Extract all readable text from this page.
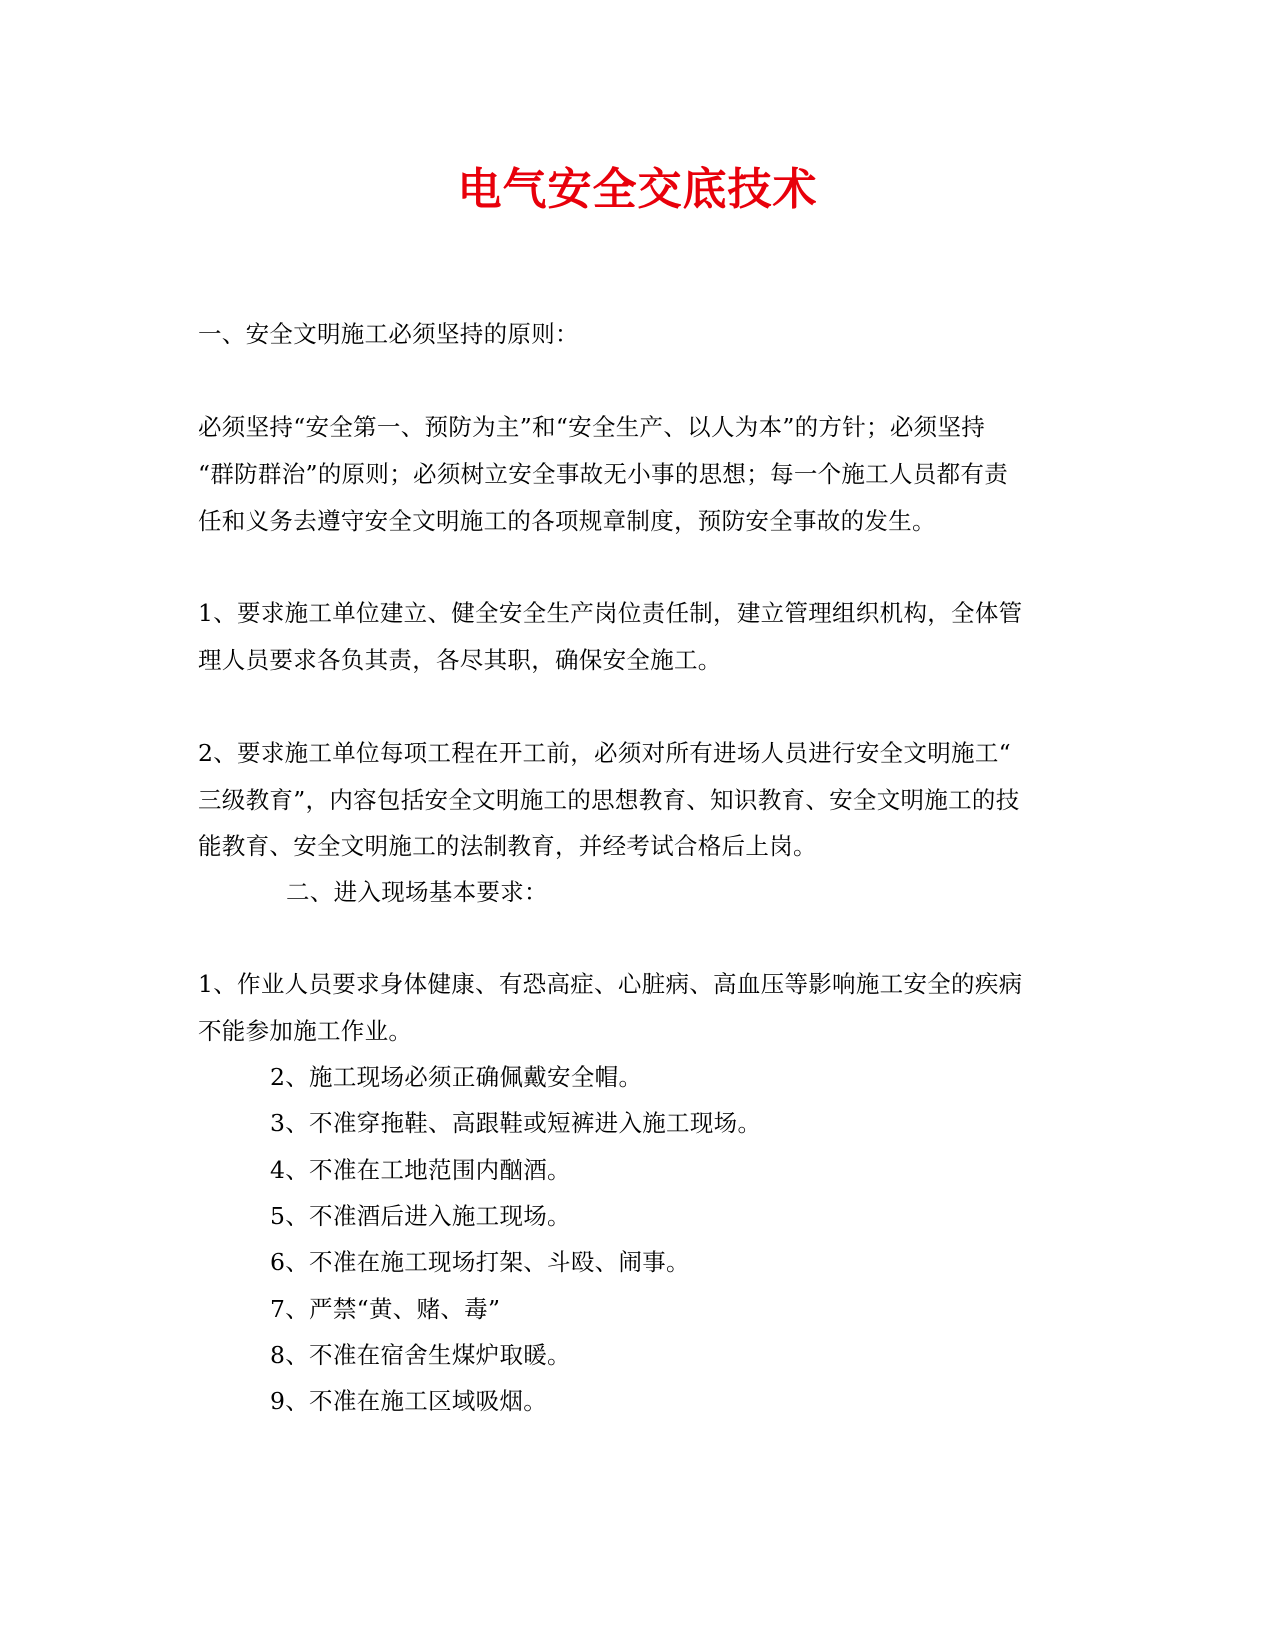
电气安全交底技术
一、安全文明施工必须坚持的原则：
必须坚持“安全第一、预防为主”和“安全生产、以人为本”的方针；必须坚持
“群防群治”的原则；必须树立安全事故无小事的思想；每一个施工人员都有责
任和义务去遵守安全文明施工的各项规章制度，预防安全事故的发生。
1、要求施工单位建立、健全安全生产岗位责任制，建立管理组织机构，全体管
理人员要求各负其责，各尽其职，确保安全施工。
2、要求施工单位每项工程在开工前，必须对所有进场人员进行安全文明施工“
三级教育”，内容包括安全文明施工的思想教育、知识教育、安全文明施工的技
能教育、安全文明施工的法制教育，并经考试合格后上岗。
二、进入现场基本要求：
1、作业人员要求身体健康、有恐高症、心脏病、高血压等影响施工安全的疾病
不能参加施工作业。
2、施工现场必须正确佩戴安全帽。
3、不准穿拖鞋、高跟鞋或短裤进入施工现场。
4、不准在工地范围内酗酒。
5、不准酒后进入施工现场。
6、不准在施工现场打架、斗殴、闹事。
7、严禁“黄、赌、毒”
8、不准在宿舍生煤炉取暖。
9、不准在施工区域吸烟。
